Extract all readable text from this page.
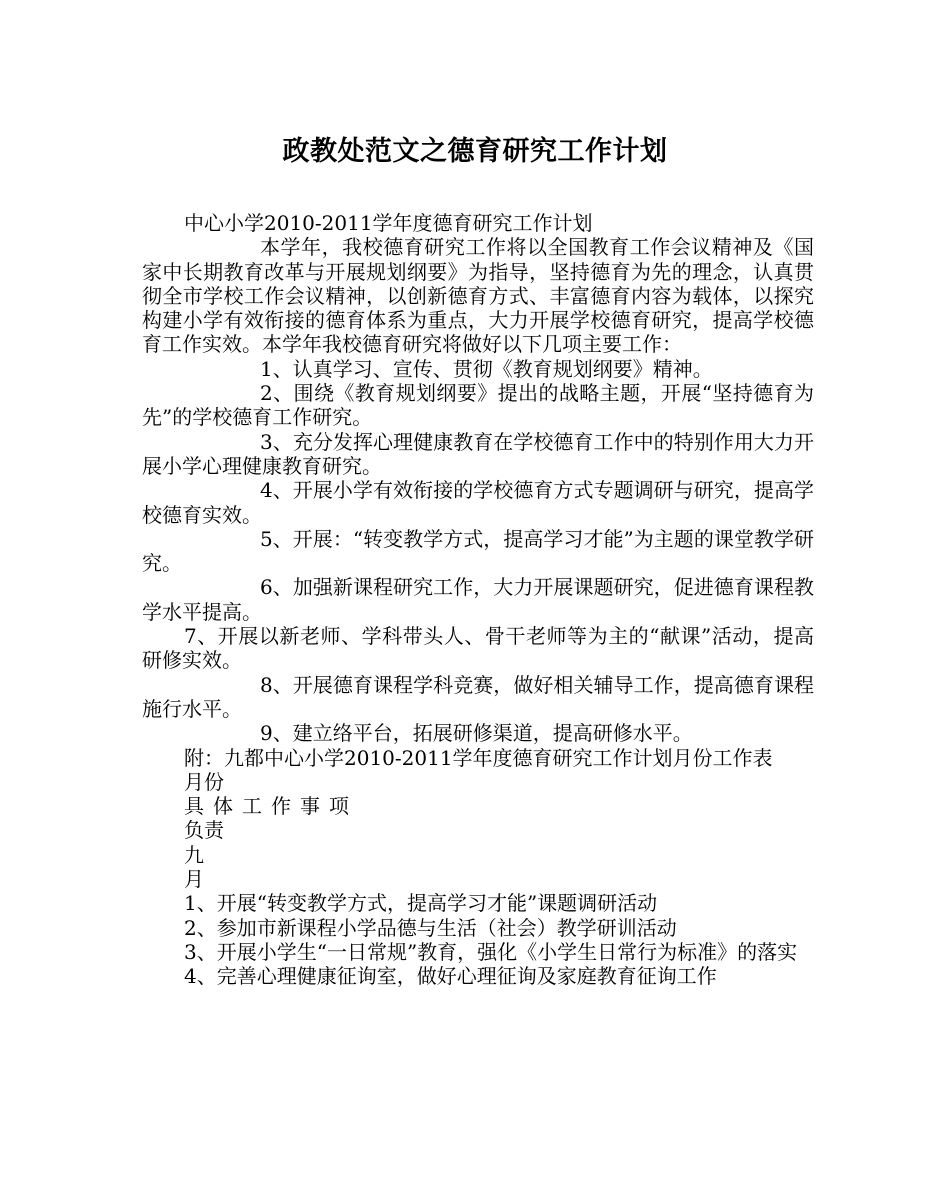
政教处范文之德育研究工作计划

中心小学2010-2011学年度德育研究工作计划

本学年，我校德育研究工作将以全国教育工作会议精神及《国家中长期教育改革与开展规划纲要》为指导，坚持德育为先的理念，认真贯彻全市学校工作会议精神，以创新德育方式、丰富德育内容为载体，以探究构建小学有效衔接的德育体系为重点，大力开展学校德育研究，提高学校德育工作实效。本学年我校德育研究将做好以下几项主要工作：

1、认真学习、宣传、贯彻《教育规划纲要》精神。

2、围绕《教育规划纲要》提出的战略主题，开展“坚持德育为先”的学校德育工作研究。

3、充分发挥心理健康教育在学校德育工作中的特别作用大力开展小学心理健康教育研究。

4、开展小学有效衔接的学校德育方式专题调研与研究，提高学校德育实效。

5、开展：“转变教学方式，提高学习才能”为主题的课堂教学研究。

6、加强新课程研究工作，大力开展课题研究，促进德育课程教学水平提高。

7、开展以新老师、学科带头人、骨干老师等为主的“献课”活动，提高研修实效。

8、开展德育课程学科竞赛，做好相关辅导工作，提高德育课程施行水平。

9、建立络平台，拓展研修渠道，提高研修水平。

附：九都中心小学2010-2011学年度德育研究工作计划月份工作表

月份

具体工作事项

负责

九

月

1、开展“转变教学方式，提高学习才能”课题调研活动

2、参加市新课程小学品德与生活（社会）教学研训活动

3、开展小学生“一日常规”教育，强化《小学生日常行为标准》的落实

4、完善心理健康征询室，做好心理征询及家庭教育征询工作
